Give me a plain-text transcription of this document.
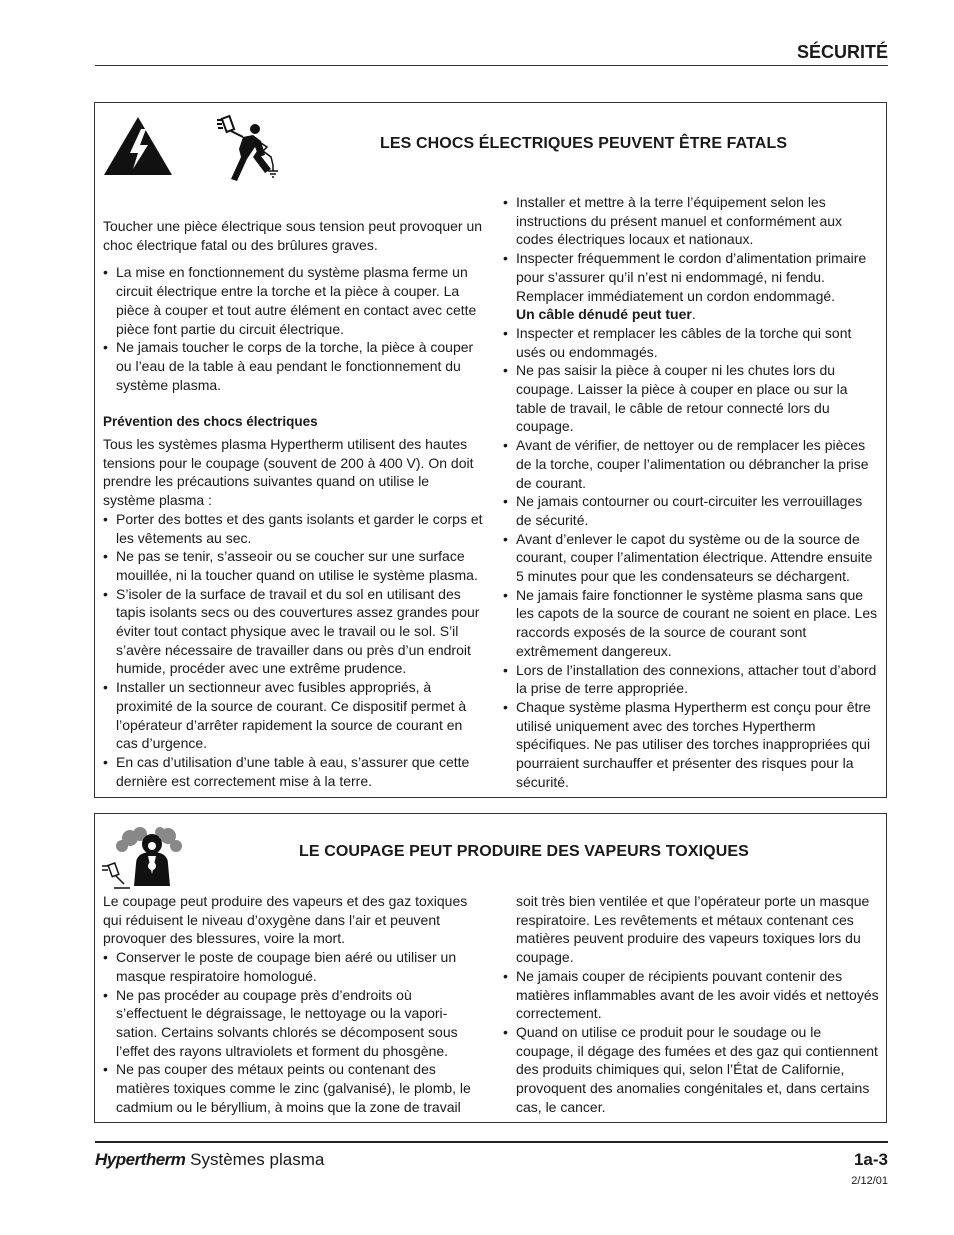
SÉCURITÉ
LES CHOCS ÉLECTRIQUES PEUVENT ÊTRE FATALS

Toucher une pièce électrique sous tension peut provoquer un choc électrique fatal ou des brûlures graves.

• La mise en fonctionnement du système plasma ferme un circuit électrique entre la torche et la pièce à couper. La pièce à couper et tout autre élément en contact avec cette pièce font partie du circuit électrique.
• Ne jamais toucher le corps de la torche, la pièce à couper ou l’eau de la table à eau pendant le fonctionnement du système plasma.

Prévention des chocs électriques

Tous les systèmes plasma Hypertherm utilisent des hautes tensions pour le coupage (souvent de 200 à 400 V). On doit prendre les précautions suivantes quand on utilise le système plasma :

• Porter des bottes et des gants isolants et garder le corps et les vêtements au sec.
• Ne pas se tenir, s’asseoir ou se coucher sur une surface mouillée, ni la toucher quand on utilise le système plasma.
• S’isoler de la surface de travail et du sol en utilisant des tapis isolants secs ou des couvertures assez grandes pour éviter tout contact physique avec le travail ou le sol. S’il s’avère nécessaire de travailler dans ou près d’un endroit humide, procéder avec une extrême prudence.
• Installer un sectionneur avec fusibles appropriés, à proximité de la source de courant. Ce dispositif permet à l’opérateur d’arrêter rapidement la source de courant en cas d’urgence.
• En cas d’utilisation d’une table à eau, s’assurer que cette dernière est correctement mise à la terre.
• Installer et mettre à la terre l’équipement selon les instructions du présent manuel et conformément aux codes électriques locaux et nationaux.
• Inspecter fréquemment le cordon d’alimentation primaire pour s’assurer qu’il n’est ni endommagé, ni fendu. Remplacer immédiatement un cordon endommagé.
Un câble dénudé peut tuer.
• Inspecter et remplacer les câbles de la torche qui sont usés ou endommagés.
• Ne pas saisir la pièce à couper ni les chutes lors du coupage. Laisser la pièce à couper en place ou sur la table de travail, le câble de retour connecté lors du coupage.
• Avant de vérifier, de nettoyer ou de remplacer les pièces de la torche, couper l’alimentation ou débrancher la prise de courant.
• Ne jamais contourner ou court-circuiter les verrouillages de sécurité.
• Avant d’enlever le capot du système ou de la source de courant, couper l’alimentation électrique. Attendre ensuite 5 minutes pour que les condensateurs se déchargent.
• Ne jamais faire fonctionner le système plasma sans que les capots de la source de courant ne soient en place. Les raccords exposés de la source de courant sont extrêmement dangereux.
• Lors de l’installation des connexions, attacher tout d’abord la prise de terre appropriée.
• Chaque système plasma Hypertherm est conçu pour être utilisé uniquement avec des torches Hypertherm spécifiques. Ne pas utiliser des torches inappropriées qui pourraient surchauffer et présenter des risques pour la sécurité.
LE COUPAGE PEUT PRODUIRE DES VAPEURS TOXIQUES

Le coupage peut produire des vapeurs et des gaz toxiques qui réduisent le niveau d’oxygène dans l’air et peuvent provoquer des blessures, voire la mort.

• Conserver le poste de coupage bien aéré ou utiliser un masque respiratoire homologué.
• Ne pas procéder au coupage près d’endroits où s’effectuent le dégraissage, le nettoyage ou la vapori-sation. Certains solvants chlorés se décomposent sous l’effet des rayons ultraviolets et forment du phosgène.
• Ne pas couper des métaux peints ou contenant des matières toxiques comme le zinc (galvanisé), le plomb, le cadmium ou le béryllium, à moins que la zone de travail
soit très bien ventilée et que l’opérateur porte un masque respiratoire. Les revêtements et métaux contenant ces matières peuvent produire des vapeurs toxiques lors du coupage.
• Ne jamais couper de récipients pouvant contenir des matières inflammables avant de les avoir vidés et nettoyés correctement.
• Quand on utilise ce produit pour le soudage ou le coupage, il dégage des fumées et des gaz qui contiennent des produits chimiques qui, selon l’État de Californie, provoquent des anomalies congénitales et, dans certains cas, le cancer.
Hypertherm Systèmes plasma	1a-3
2/12/01
